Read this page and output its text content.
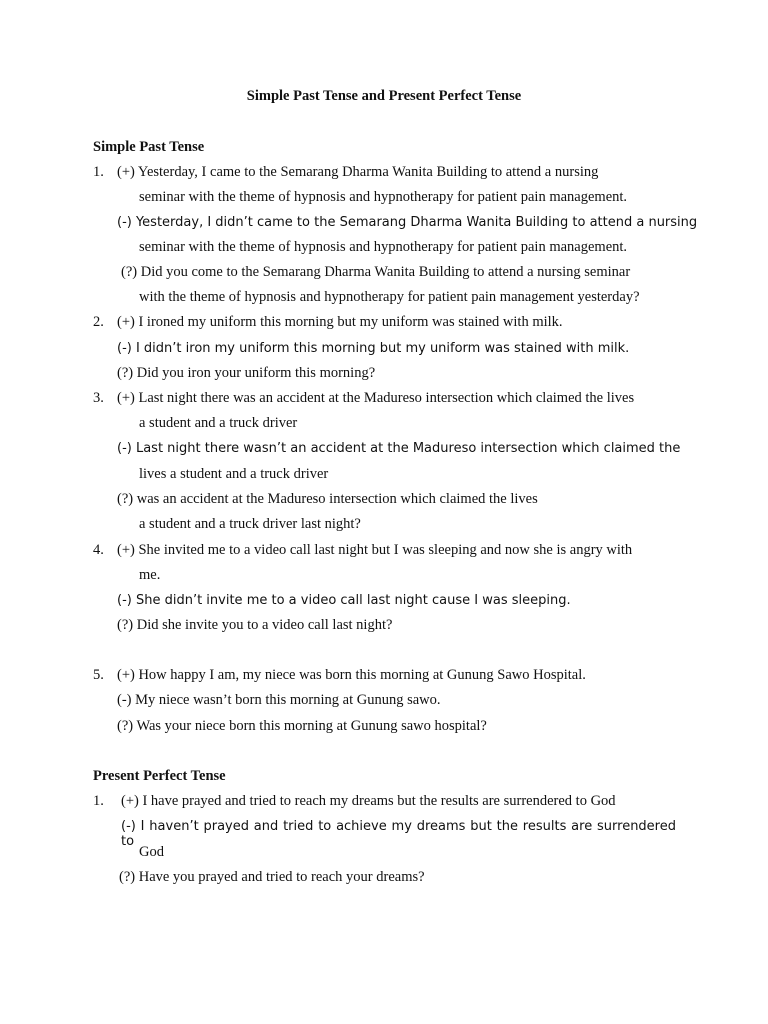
Simple Past Tense and Present Perfect Tense
Simple Past Tense
1. (+) Yesterday, I came to the Semarang Dharma Wanita Building to attend a nursing
seminar with the theme of hypnosis and hypnotherapy for patient pain management.
(-) Yesterday, I didn’t came to the Semarang Dharma Wanita Building to attend a nursing
seminar with the theme of hypnosis and hypnotherapy for patient pain management.
(?) Did you come to the Semarang Dharma Wanita Building to attend a nursing seminar
with the theme of hypnosis and hypnotherapy for patient pain management yesterday?
2. (+) I ironed my uniform this morning but my uniform was stained with milk.
(-) I didn’t iron my uniform this morning but my uniform was stained with milk.
(?) Did you iron your uniform this morning?
3. (+) Last night there was an accident at the Madureso intersection which claimed the lives
a student and a truck driver
(-) Last night there wasn’t an accident at the Madureso intersection which claimed the
lives a student and a truck driver
(?) was an accident at the Madureso intersection which claimed the lives
a student and a truck driver last night?
4. (+) She invited me to a video call last night but I was sleeping and now she is angry with
me.
(-) She didn’t invite me to a video call last night cause I was sleeping.
(?) Did she invite you to a video call last night?
5. (+) How happy I am, my niece was born this morning at Gunung Sawo Hospital.
(-) My niece wasn’t born this morning at Gunung sawo.
(?) Was your niece born this morning at Gunung sawo hospital?
Present Perfect Tense
1. (+) I have prayed and tried to reach my dreams but the results are surrendered to God
(-) I haven’t prayed and tried to achieve my dreams but the results are surrendered to
God
(?) Have you prayed and tried to reach your dreams?
